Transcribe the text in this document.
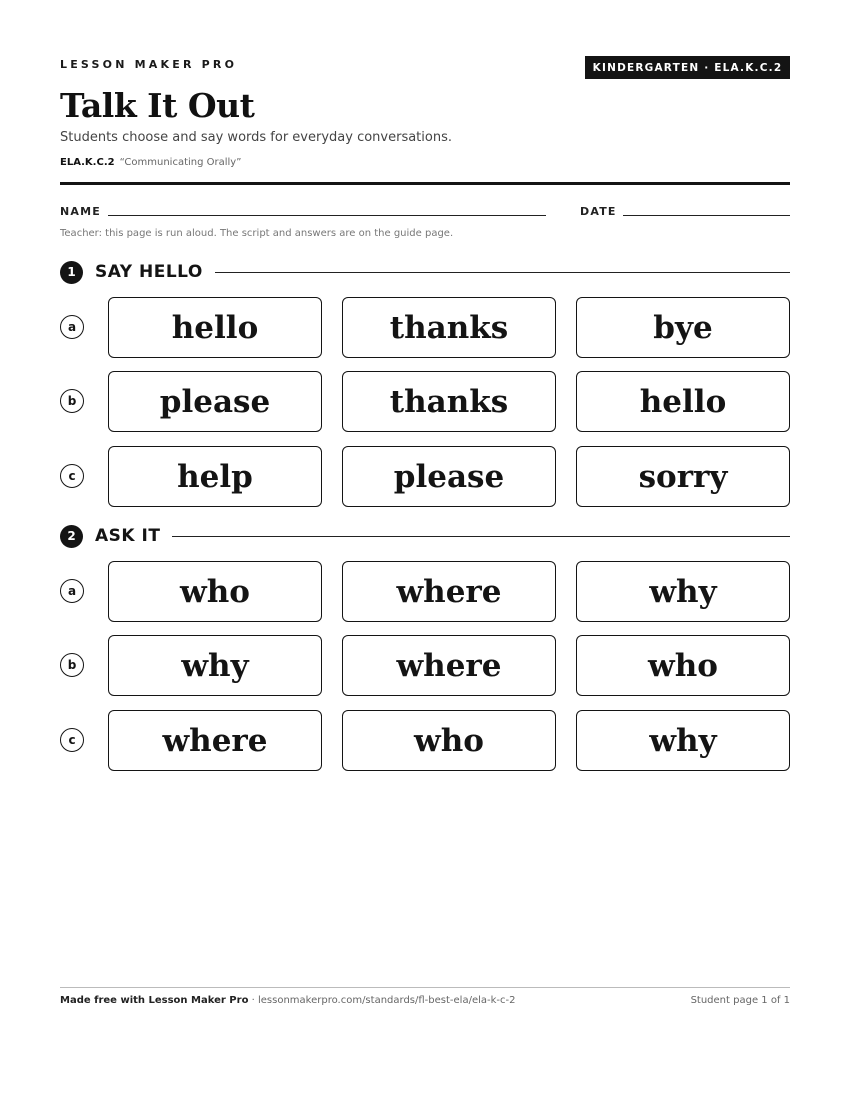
LESSON MAKER PRO	KINDERGARTEN · ELA.K.C.2
Talk It Out
Students choose and say words for everyday conversations.
ELA.K.C.2 “Communicating Orally”
NAME	DATE
Teacher: this page is run aloud. The script and answers are on the guide page.
1	SAY HELLO
a	hello	thanks	bye
b	please	thanks	hello
c	help	please	sorry
2	ASK IT
a	who	where	why
b	why	where	who
c	where	who	why
Made free with Lesson Maker Pro · lessonmakerpro.com/standards/fl-best-ela/ela-k-c-2	Student page 1 of 1
